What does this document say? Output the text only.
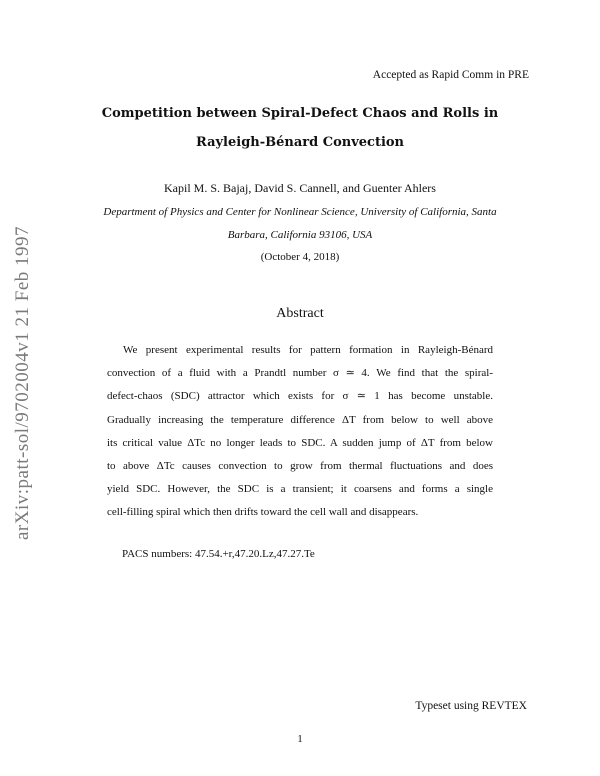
arXiv:patt-sol/9702004v1 21 Feb 1997
Accepted as Rapid Comm in PRE
Competition between Spiral-Defect Chaos and Rolls in
Rayleigh-Bénard Convection
Kapil M. S. Bajaj, David S. Cannell, and Guenter Ahlers
Department of Physics and Center for Nonlinear Science, University of California, Santa
Barbara, California 93106, USA
(October 4, 2018)
Abstract
We present experimental results for pattern formation in Rayleigh-Bénard
convection of a fluid with a Prandtl number σ ≃ 4. We find that the spiral-
defect-chaos (SDC) attractor which exists for σ ≃ 1 has become unstable.
Gradually increasing the temperature difference ΔT from below to well above
its critical value ΔTc no longer leads to SDC. A sudden jump of ΔT from below
to above ΔTc causes convection to grow from thermal fluctuations and does
yield SDC. However, the SDC is a transient; it coarsens and forms a single
cell-filling spiral which then drifts toward the cell wall and disappears.
PACS numbers: 47.54.+r,47.20.Lz,47.27.Te
Typeset using REVTEX
1
